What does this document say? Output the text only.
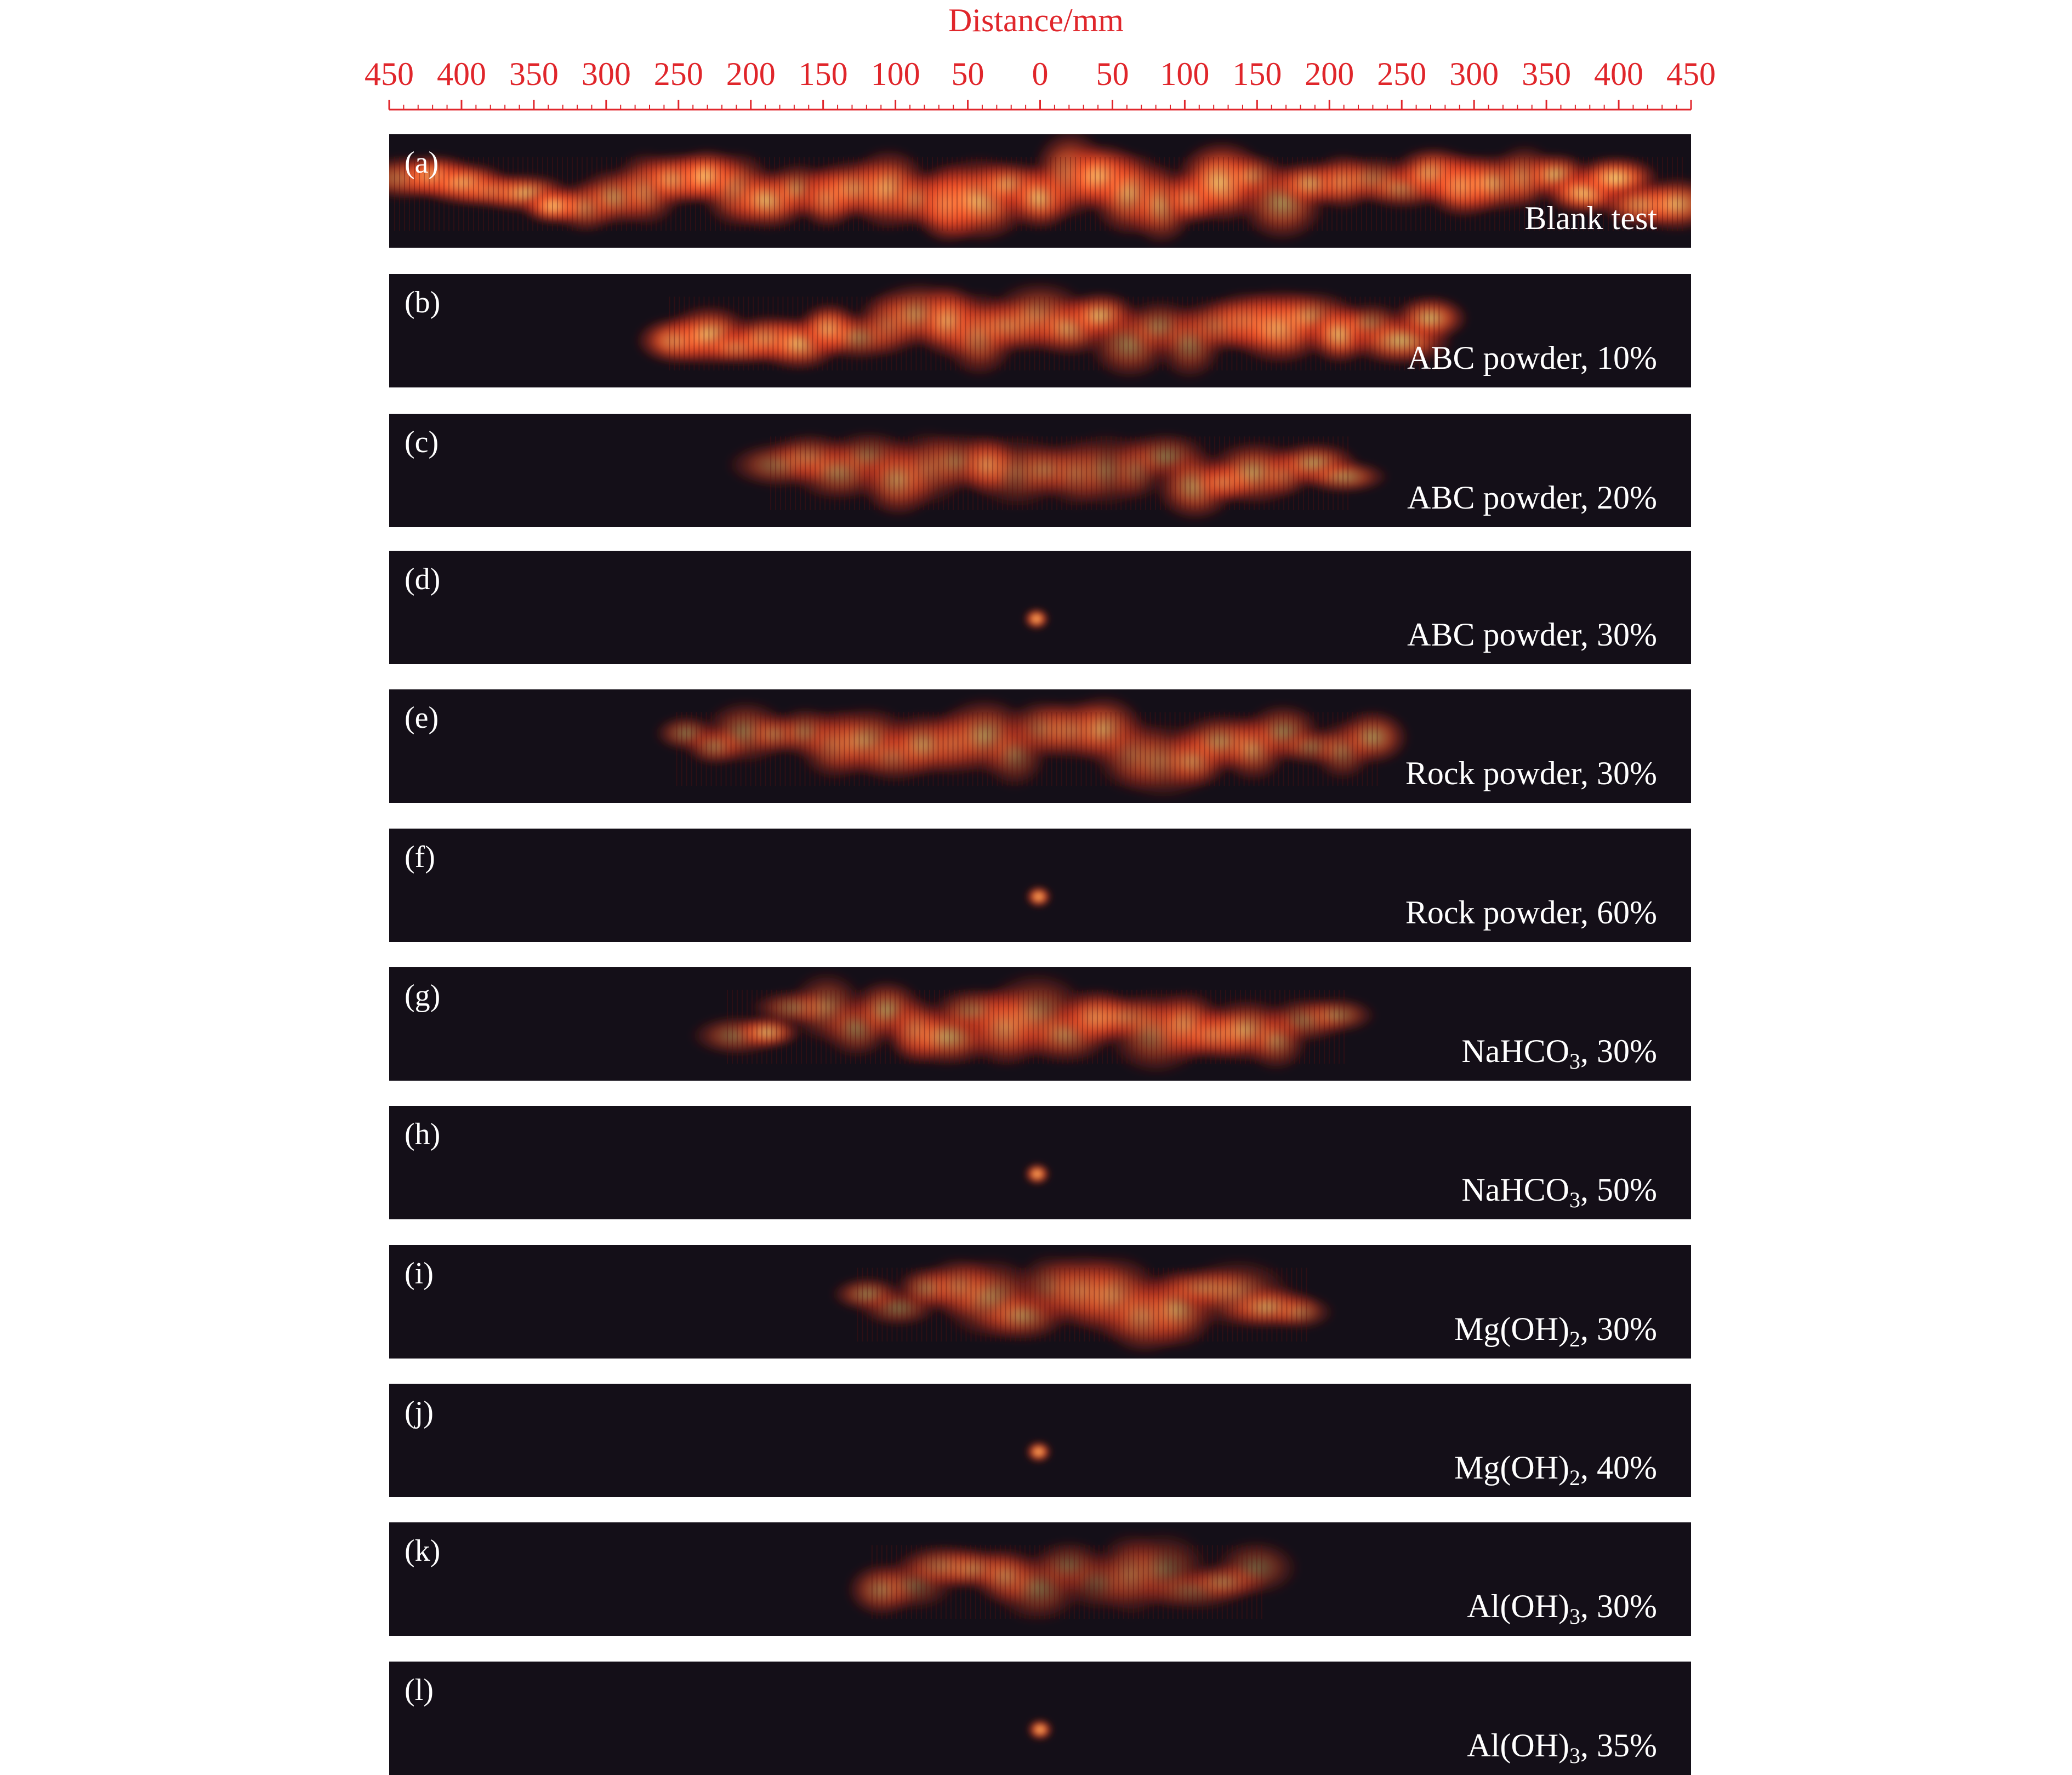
Distance/mm
450 400 350 300 250 200 150 100 50 0 50 100 150 200 250 300 350 400 450
(a)
Blank test
(b)
ABC powder, 10%
(c)
ABC powder, 20%
(d)
ABC powder, 30%
(e)
Rock powder, 30%
(f)
Rock powder, 60%
(g)
NaHCO$_3$, 30%
(h)
NaHCO$_3$, 50%
(i)
$Mg(OH)_2$, 30%
(j)
$Mg(OH)_2$, 40%
(k)
$Al(OH)_3$, 30%
(l)
$Al(OH)_3$, 35%
